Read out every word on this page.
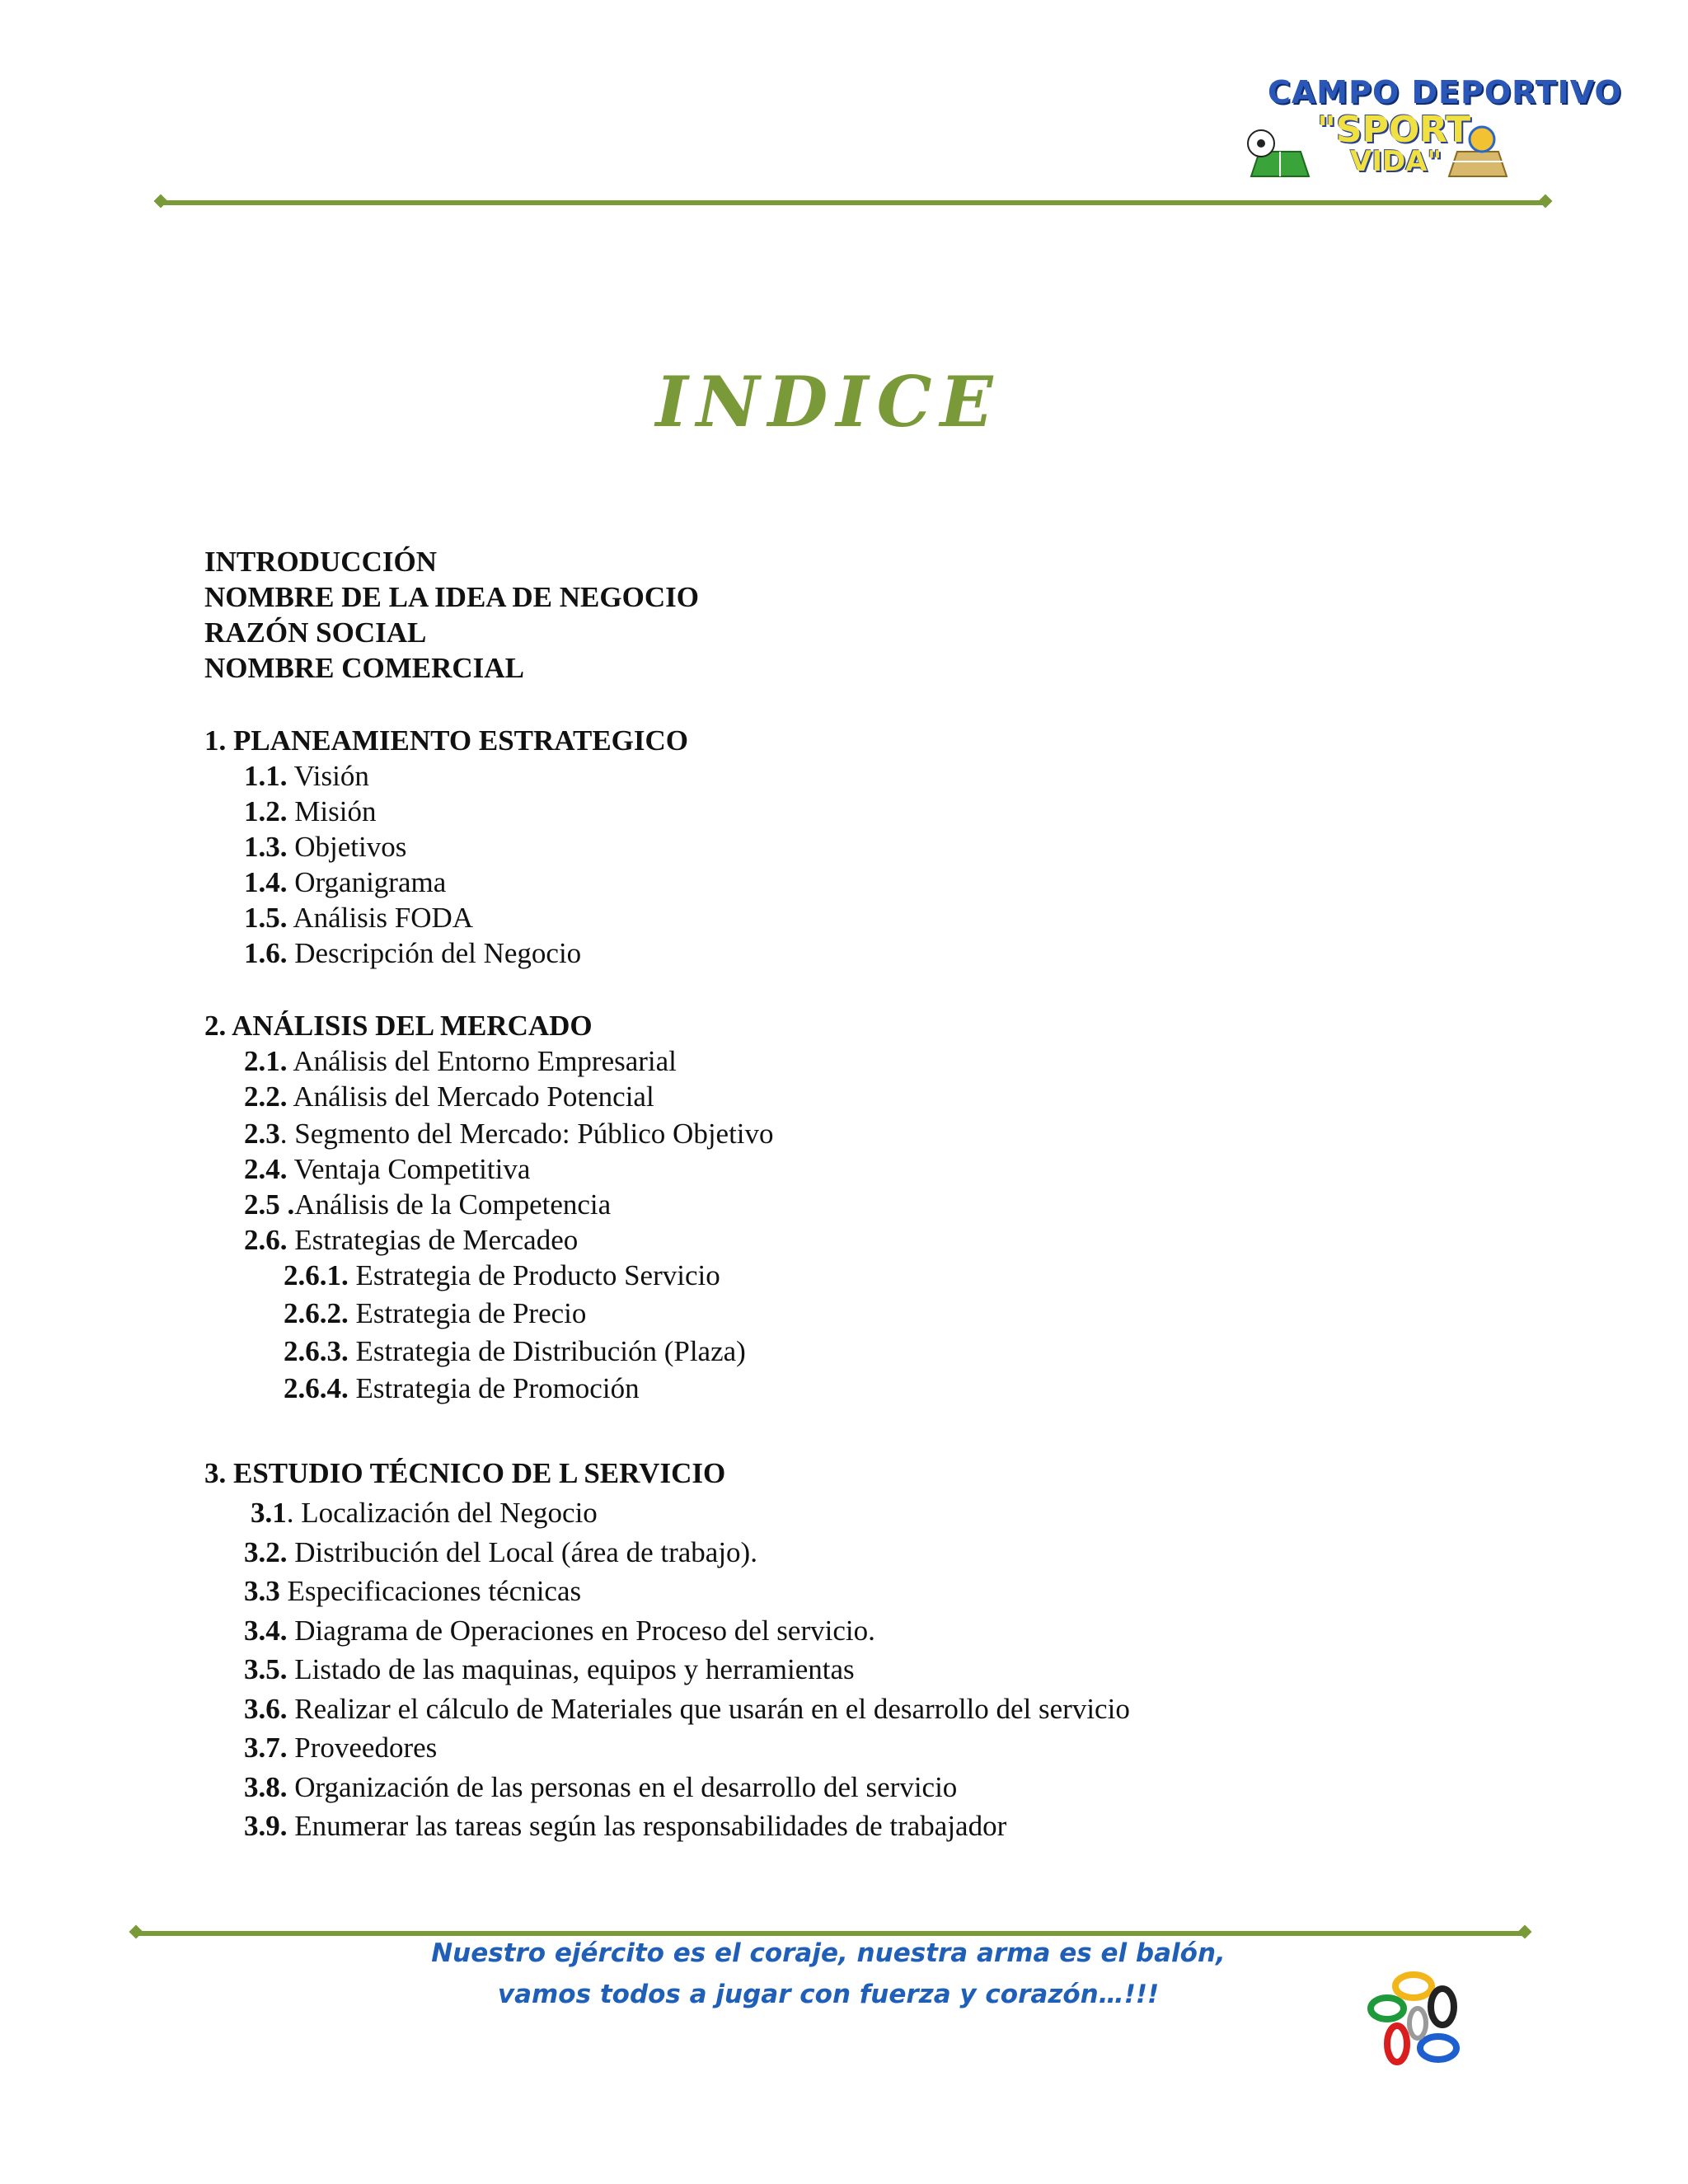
CAMPO DEPORTIVO
"SPORT
VIDA"
INDICE
INTRODUCCIÓN
NOMBRE DE LA IDEA DE NEGOCIO
RAZÓN SOCIAL
NOMBRE COMERCIAL
1. PLANEAMIENTO ESTRATEGICO
1.1. Visión
1.2. Misión
1.3. Objetivos
1.4. Organigrama
1.5. Análisis FODA
1.6. Descripción del Negocio
2. ANÁLISIS DEL MERCADO
2.1. Análisis del Entorno Empresarial
2.2. Análisis del Mercado Potencial
2.3. Segmento del Mercado: Público Objetivo
2.4. Ventaja Competitiva
2.5 .Análisis de la Competencia
2.6. Estrategias de Mercadeo
2.6.1. Estrategia de Producto Servicio
2.6.2. Estrategia de Precio
2.6.3. Estrategia de Distribución (Plaza)
2.6.4. Estrategia de Promoción
3. ESTUDIO TÉCNICO DE L SERVICIO
3.1. Localización del Negocio
3.2. Distribución del Local (área de trabajo).
3.3 Especificaciones técnicas
3.4. Diagrama de Operaciones en Proceso del servicio.
3.5. Listado de las maquinas, equipos y herramientas
3.6. Realizar el cálculo de Materiales que usarán en el desarrollo del servicio
3.7. Proveedores
3.8. Organización de las personas en el desarrollo del servicio
3.9. Enumerar las tareas según las responsabilidades de trabajador
Nuestro ejército es el coraje, nuestra arma es el balón,
vamos todos a jugar con fuerza y corazón…!!!
